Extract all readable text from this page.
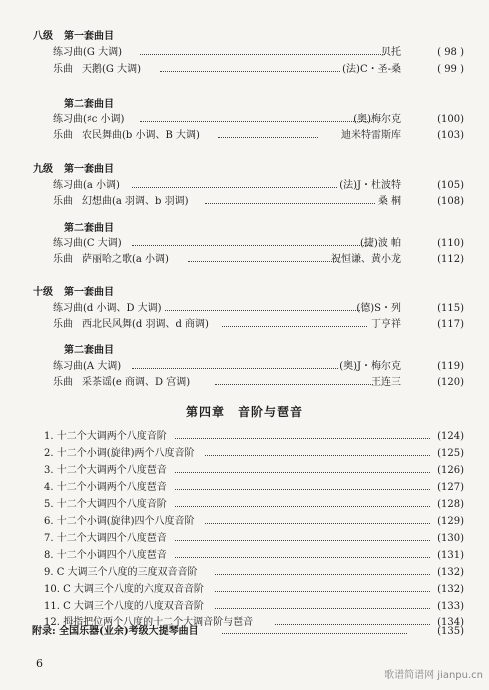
八级 第一套曲目
练习曲 (G 大调)	贝托	( 98 )
乐曲 天鹅(G 大调)	(法)C・圣-桑	( 99 )
第二套曲目
练习曲 (♯c 小调)	(奥)梅尔克	(100)
乐曲 农民舞曲(b 小调、B 大调)	迪米特雷斯库	(103)
九级 第一套曲目
练习曲 (a 小调)	(法)J・杜波特	(105)
乐曲 幻想曲(a 羽调、b 羽调)	桑 桐	(108)
第二套曲目
练习曲 (C 大调)	(捷)波 帕	(110)
乐曲 萨丽哈之歌(a 小调)	祝恒谦、黄小龙	(112)
十级 第一套曲目
练习曲 (d 小调、D 大调)	(德)S・列	(115)
乐曲 西北民风舞(d 羽调、d 商调)	丁亨祥	(117)
第二套曲目
练习曲 (A 大调)	(奥)J・梅尔克	(119)
乐曲 采茶谣(e 商调、D 宫调)	王连三	(120)
第四章　音阶与琶音
1. 十二个大调两个八度音阶	(124)
2. 十二个小调(旋律)两个八度音阶	(125)
3. 十二个大调两个八度琶音	(126)
4. 十二个小调两个八度琶音	(127)
5. 十二个大调四个八度音阶	(128)
6. 十二个小调(旋律)四个八度音阶	(129)
7. 十二个大调四个八度琶音	(130)
8. 十二个小调四个八度琶音	(131)
9. C 大调三个八度的三度双音音阶	(132)
10. C 大调三个八度的六度双音音阶	(132)
11. C 大调三个八度的八度双音音阶	(133)
12. 拇指把位两个八度的十二个大调音阶与琶音	(134)
附录: 全国乐器(业余)考级大提琴曲目	(135)
6
歌谱简谱网 jianpu.cn
